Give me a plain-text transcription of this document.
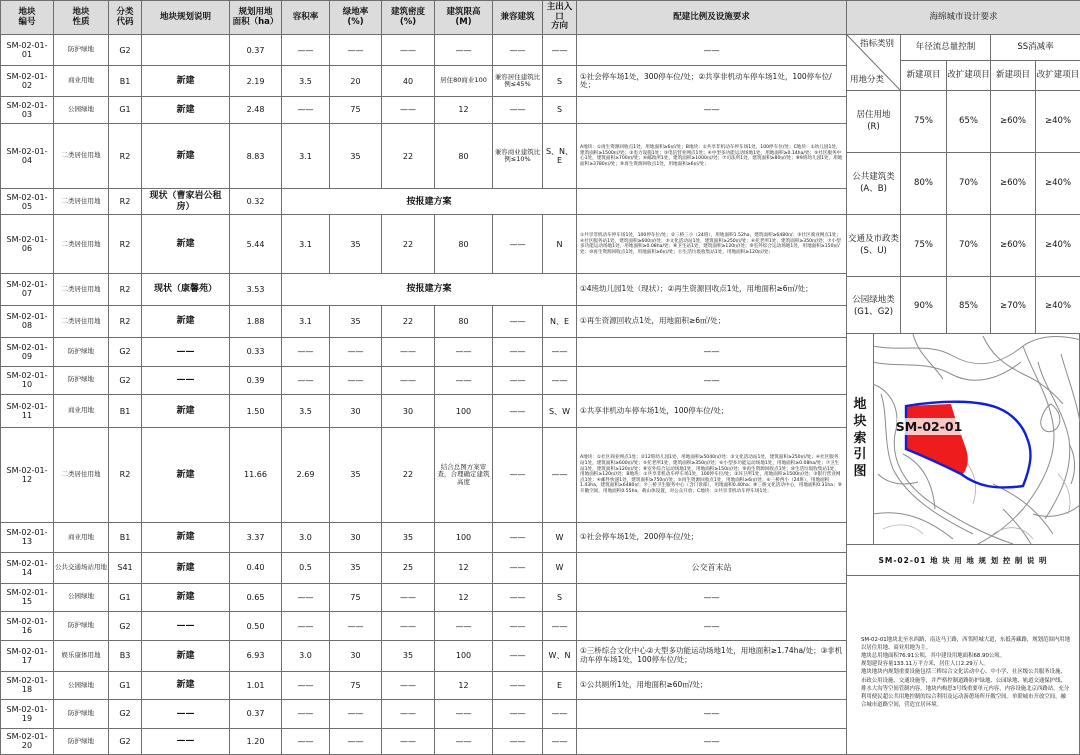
地块
编号	地块
性质	分类
代码	地块规划说明	规划用地
面积（ha）	容积率	绿地率
(%)	建筑密度
(%)	建筑限高
(M)	兼容建筑	主出入口
方向	配建比例及设施要求
SM-02-01-01	防护绿地	G2		0.37	——	——	——	——	——	——	——
SM-02-01-02	商业用地	B1	新建	2.19	3.5	20	40	居住80商业100	兼容居住建筑比例≤45%	S	①社会停车场1处，300停车位/处；②共享非机动车停车场1处，100停车位/处；
SM-02-01-03	公园绿地	G1	新建	2.48	——	75	——	12	——	S	——
SM-02-01-04	二类居住用地	R2	新建	8.83	3.1	35	22	80	兼容商业建筑比例≤10%	S、N、E	A地块：①再生资源回收点1处，用地面积≥6㎡/处；B地块：①共享非机动车停车场1处，100停车位/处；C地块：①幼儿园1处，建筑面积≥1500㎡/处；②电力设施1处；③电信营业网点1处；④中型多功能运动场地1处，用地面积≥0.14ha/处；⑤社区服务中心1处，建筑面积≥700㎡/处；⑥邮政所1处，建筑面积≥1000㎡/处；⑦司法所1处，建筑面积≥80㎡/处；⑧9班幼儿园1处，用地面积≥3780㎡/处；⑨再生资源回收点1处，用地面积≥6㎡/处；
SM-02-01-05	二类居住用地	R2	现状（曹家岩公租房）	0.32	按报建方案						
SM-02-01-06	二类居住用地	R2	新建	5.44	3.1	35	22	80	——	N	①共享非机动车停车场1处，100停车位/处；②三桥三小（24班），用地面积1.52ha，建筑面积≥6480㎡；③社区商业网点1处；④社区服务站1处，建筑面积≥600㎡/处；⑤文化活动站1处，建筑面积≥250㎡/处；⑥托老所1处，建筑面积≥350㎡/处；⑦小型多功能运动场地1处，用地面积≥0.08ha/处；⑧卫生站1处，建筑面积≥120㎡/处；⑨室外综合运动场地1处，用地面积≥150㎡/处；⑩再生资源回收点1处，用地面积≥6㎡/处；⑪生活垃圾收集站1处，用地面积≥120㎡/处；
SM-02-01-07	二类居住用地	R2	现状（康馨苑）	3.53	按报建方案						①4班幼儿园1处（现状）；②再生资源回收点1处，用地面积≥6㎡/处；
SM-02-01-08	二类居住用地	R2	新建	1.88	3.1	35	22	80	——	N、E	①再生资源回收点1处，用地面积≥6㎡/处；
SM-02-01-09	防护绿地	G2	——	0.33	——	——	——	——	——	——	——
SM-02-01-10	防护绿地	G2	——	0.39	——	——	——	——	——	——	——
SM-02-01-11	商业用地	B1	新建	1.50	3.5	30	30	100	——	S、W	①共享非机动车停车场1处，100停车位/处；
SM-02-01-12	二类居住用地	R2	新建	11.66	2.69	35	22	结合总图方案审查，合理确定建筑高度	——	——	A地块：①社区商业网点1处；②12班幼儿园1处，用地面积≥5040㎡/处；③文化活动站1处，建筑面积≥250㎡/处；④社区服务站1处，建筑面积≥600㎡/处；⑤托老所1处，建筑面积≥350㎡/处；⑥小型多功能运动场地1处，用地面积≥0.08ha/处；⑦卫生站1处，建筑面积≥120㎡/处；⑧室外综合运动场地1处，用地面积≥150㎡/处；⑨再生资源回收点1处；⑩生活垃圾收集站1处，用地面积≥120㎡/处；B地块：①共享非机动车停车场1处，100停车位/处；②环卫所1处，用地面积≥1500㎡/处；③银行营业网点1处；④邮件快递1处，建筑面积≥750㎡/处；⑤再生资源回收点1处，用地面积≥6㎡/处；⑥三桥西小（24班），用地面积1.43ha，建筑面积≥6480㎡；⑦三桥卫生服务中心（含门诊部），用地面积0.40ha；⑧三桥文化活动中心，用地面积0.31ha；⑨开敞空间，用地面积0.55ha，载山体设置，对公众开放；C地块：①共享非机动车停车场1处；
SM-02-01-13	商业用地	B1	新建	3.37	3.0	30	35	100	——	W	①社会停车场1处，200停车位/处；
SM-02-01-14	公共交通场站用地	S41	新建	0.40	0.5	35	25	12	——	W	公交首末站
SM-02-01-15	公园绿地	G1	新建	0.65	——	75	——	12	——	S	——
SM-02-01-16	防护绿地	G2	——	0.50	——	——	——	——	——	——	——
SM-02-01-17	娱乐康体用地	B3	新建	6.93	3.0	30	35	100	——	W、N	①三桥综合文化中心②大型多功能运动场地1处，用地面积≥1.74ha/处；③非机动车停车场1处，100停车位/处；
SM-02-01-18	公园绿地	G1	新建	1.01	——	75	——	12	——	E	①公共厕所1处，用地面积≥60㎡/处；
SM-02-01-19	防护绿地	G2	——	0.37	——	——	——	——	——	——	——
SM-02-01-20	防护绿地	G2	——	1.20	——	——	——	——	——	——	——
海绵城市设计要求				

指标类别
用地分类	年径流总量控制		SS消减率	
	新建项目	改扩建项目	新建项目	改扩建项目
居住用地
(R)	75%	65%	≥60%	≥40%
公共建筑类
(A、B)	80%	70%	≥60%	≥40%
交通及市政类
(S、U)	75%	70%	≥60%	≥40%
公园绿地类
(G1、G2)	90%	85%	≥70%	≥40%
地
块
索
引
图
SM-02-01
SM-02-01 地 块 用 地 规 划 控 制 说 明
SM-02-01地块北至水西路，南达马王路，西邻照城大道，东抵善藏路，规划范围内用地以居住用地、商业用地为主。
地块总用地面积76.91公顷，其中建设用地面积68.90公顷。
规划建设容量133.11万平方米，居住人口2.29万人。
地块地块内规划重要设施包括三桥综合文化活动中心、中小学、社区级公共服务设施、市政公用设施、交通设施等，并严格控制道路防护绿地、公园绿地、轨道交通保护线、排水大沟等空间管制内容。地块内构思3号线重要单元内容，内容设施北京西路站，充分利用便民超公共用地控制的综合利用及运动游憩场所开敞空间。单联城市开放空间，融合城市道路空间，营造宜居环境。
